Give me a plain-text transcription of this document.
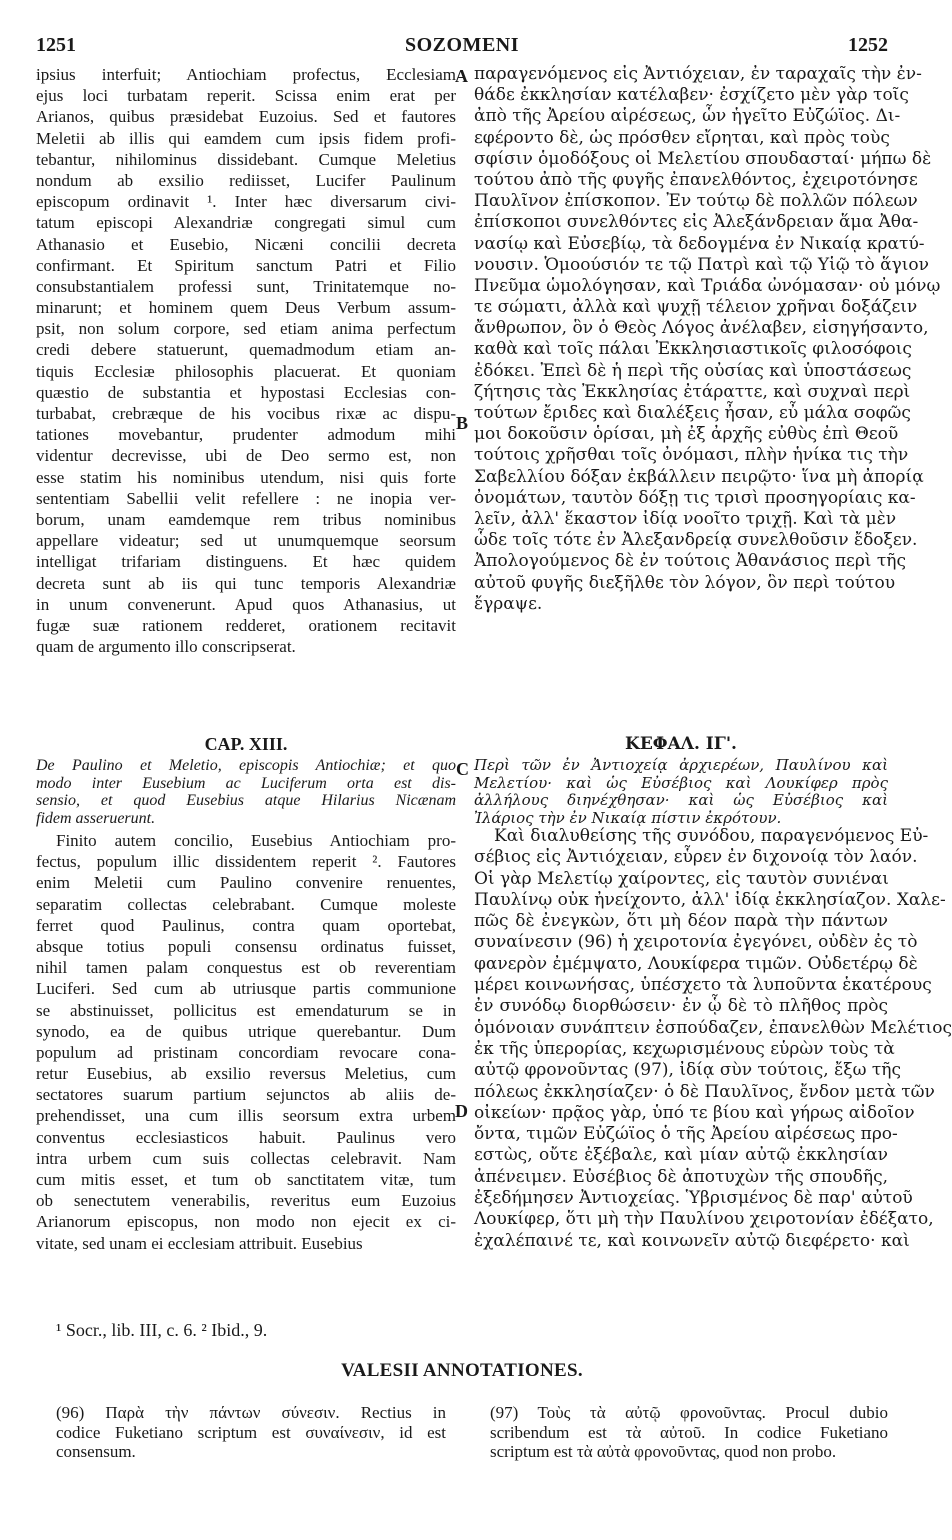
1251	SOZOMENI	1252
ipsius interfuit; Antiochiam profectus, Ecclesiam
ejus loci turbatam reperit. Scissa enim erat per
Arianos, quibus præsidebat Euzoius. Sed et fautores
Meletii ab illis qui eamdem cum ipsis fidem profi-
tebantur, nihilominus dissidebant. Cumque Meletius
nondum ab exsilio rediisset, Lucifer Paulinum
episcopum ordinavit ¹. Inter hæc diversarum civi-
tatum episcopi Alexandriæ congregati simul cum
Athanasio et Eusebio, Nicæni concilii decreta
confirmant. Et Spiritum sanctum Patri et Filio
consubstantialem professi sunt, Trinitatemque no-
minarunt; et hominem quem Deus Verbum assum-
psit, non solum corpore, sed etiam anima perfectum
credi debere statuerunt, quemadmodum etiam an-
tiquis Ecclesiæ philosophis placuerat. Et quoniam
quæstio de substantia et hypostasi Ecclesias con-
turbabat, crebræque de his vocibus rixæ ac dispu-
tationes movebantur, prudenter admodum mihi
videntur decrevisse, ubi de Deo sermo est, non
esse statim his nominibus utendum, nisi quis forte
sententiam Sabellii velit refellere : ne inopia ver-
borum, unam eamdemque rem tribus nominibus
appellare videatur; sed ut unumquemque seorsum
intelligat trifariam distinguens. Et hæc quidem
decreta sunt ab iis qui tunc temporis Alexandriæ
in unum convenerunt. Apud quos Athanasius, ut
fugæ suæ rationem redderet, orationem recitavit
quam de argumento illo conscripserat.
παραγενόμενος εἰς Ἀντιόχειαν, ἐν ταραχαῖς τὴν ἐν-
θάδε ἐκκλησίαν κατέλαβεν· ἐσχίζετο μὲν γὰρ τοῖς
ἀπὸ τῆς Ἀρείου αἱρέσεως, ὧν ἡγεῖτο Εὐζώϊος. Δι-
εφέροντο δὲ, ὡς πρόσθεν εἴρηται, καὶ πρὸς τοὺς
σφίσιν ὁμοδόξους οἱ Μελετίου σπουδασταί· μήπω δὲ
τούτου ἀπὸ τῆς φυγῆς ἐπανελθόντος, ἐχειροτόνησε
Παυλῖνον ἐπίσκοπον. Ἐν τούτῳ δὲ πολλῶν πόλεων
ἐπίσκοποι συνελθόντες εἰς Ἀλεξάνδρειαν ἅμα Ἀθα-
νασίῳ καὶ Εὐσεβίῳ, τὰ δεδογμένα ἐν Νικαίᾳ κρατύ-
νουσιν. Ὁμοούσιόν τε τῷ Πατρὶ καὶ τῷ Υἱῷ τὸ ἅγιον
Πνεῦμα ὡμολόγησαν, καὶ Τριάδα ὠνόμασαν· οὐ μόνῳ
τε σώματι, ἀλλὰ καὶ ψυχῇ τέλειον χρῆναι δοξάζειν
ἄνθρωπον, ὃν ὁ Θεὸς Λόγος ἀνέλαβεν, εἰσηγήσαντο,
καθὰ καὶ τοῖς πάλαι Ἐκκλησιαστικοῖς φιλοσόφοις
ἐδόκει. Ἐπεὶ δὲ ἡ περὶ τῆς οὐσίας καὶ ὑποστάσεως
ζήτησις τὰς Ἐκκλησίας ἐτάραττε, καὶ συχναὶ περὶ
τούτων ἔριδες καὶ διαλέξεις ἦσαν, εὖ μάλα σοφῶς
μοι δοκοῦσιν ὁρίσαι, μὴ ἐξ ἀρχῆς εὐθὺς ἐπὶ Θεοῦ
τούτοις χρῆσθαι τοῖς ὀνόμασι, πλὴν ἡνίκα τις τὴν
Σαβελλίου δόξαν ἐκβάλλειν πειρῷτο· ἵνα μὴ ἀπορίᾳ
ὀνομάτων, ταυτὸν δόξῃ τις τρισὶ προσηγορίαις κα-
λεῖν, ἀλλ' ἕκαστον ἰδίᾳ νοοῖτο τριχῇ. Καὶ τὰ μὲν
ὧδε τοῖς τότε ἐν Ἀλεξανδρείᾳ συνελθοῦσιν ἔδοξεν.
Ἀπολογούμενος δὲ ἐν τούτοις Ἀθανάσιος περὶ τῆς
αὐτοῦ φυγῆς διεξῆλθε τὸν λόγον, ὃν περὶ τούτου
ἔγραψε.
A
B
C
D
CAP. XIII.	ΚΕΦΑΛ. ΙΓ'.
De Paulino et Meletio, episcopis Antiochiæ; et quo
modo inter Eusebium ac Luciferum orta est dis-
sensio, et quod Eusebius atque Hilarius Nicænam
fidem asseruerunt.
Περὶ τῶν ἐν Ἀντιοχείᾳ ἀρχιερέων, Παυλίνου καὶ
Μελετίου· καὶ ὡς Εὐσέβιος καὶ Λουκίφερ πρὸς
ἀλλήλους διηνέχθησαν· καὶ ὡς Εὐσέβιος καὶ
Ἰλάριος τὴν ἐν Νικαίᾳ πίστιν ἐκρότουν.
Finito autem concilio, Eusebius Antiochiam pro-
fectus, populum illic dissidentem reperit ². Fautores
enim Meletii cum Paulino convenire renuentes,
separatim collectas celebrabant. Cumque moleste
ferret quod Paulinus, contra quam oportebat,
absque totius populi consensu ordinatus fuisset,
nihil tamen palam conquestus est ob reverentiam
Luciferi. Sed cum ab utriusque partis communione
se abstinuisset, pollicitus est emendaturum se in
synodo, ea de quibus utrique querebantur. Dum
populum ad pristinam concordiam revocare cona-
retur Eusebius, ab exsilio reversus Meletius, cum
sectatores suarum partium sejunctos ab aliis de-
prehendisset, una cum illis seorsum extra urbem
conventus ecclesiasticos habuit. Paulinus vero
intra urbem cum suis collectas celebravit. Nam
cum mitis esset, et tum ob sanctitatem vitæ, tum
ob senectutem venerabilis, reveritus eum Euzoius
Arianorum episcopus, non modo non ejecit ex ci-
vitate, sed unam ei ecclesiam attribuit. Eusebius
Καὶ διαλυθείσης τῆς συνόδου, παραγενόμενος Εὐ-
σέβιος εἰς Ἀντιόχειαν, εὗρεν ἐν διχονοίᾳ τὸν λαόν.
Οἱ γὰρ Μελετίῳ χαίροντες, εἰς ταυτὸν συνιέναι
Παυλίνῳ οὐκ ἠνείχοντο, ἀλλ' ἰδίᾳ ἐκκλησίαζον. Χαλε-
πῶς δὲ ἐνεγκὼν, ὅτι μὴ δέον παρὰ τὴν πάντων
συναίνεσιν (96) ἡ χειροτονία ἐγεγόνει, οὐδὲν ἐς τὸ
φανερὸν ἐμέμψατο, Λουκίφερα τιμῶν. Οὐδετέρῳ δὲ
μέρει κοινωνήσας, ὑπέσχετο τὰ λυποῦντα ἑκατέρους
ἐν συνόδῳ διορθώσειν· ἐν ᾧ δὲ τὸ πλῆθος πρὸς
ὁμόνοιαν συνάπτειν ἐσπούδαζεν, ἐπανελθὼν Μελέτιος
ἐκ τῆς ὑπερορίας, κεχωρισμένους εὑρὼν τοὺς τὰ
αὐτῷ φρονοῦντας (97), ἰδίᾳ σὺν τούτοις, ἔξω τῆς
πόλεως ἐκκλησίαζεν· ὁ δὲ Παυλῖνος, ἔνδον μετὰ τῶν
οἰκείων· πρᾷος γὰρ, ὑπό τε βίου καὶ γήρως αἰδοῖον
ὄντα, τιμῶν Εὐζώϊος ὁ τῆς Ἀρείου αἱρέσεως προ-
εστὼς, οὔτε ἐξέβαλε, καὶ μίαν αὐτῷ ἐκκλησίαν
ἀπένειμεν. Εὐσέβιος δὲ ἀποτυχὼν τῆς σπουδῆς,
ἐξεδήμησεν Ἀντιοχείας. Ὑβρισμένος δὲ παρ' αὐτοῦ
Λουκίφερ, ὅτι μὴ τὴν Παυλίνου χειροτονίαν ἐδέξατο,
ἐχαλέπαινέ τε, καὶ κοινωνεῖν αὐτῷ διεφέρετο· καὶ
¹ Socr., lib. III, c. 6. ² Ibid., 9.
VALESII ANNOTATIONES.
(96) Παρὰ τὴν πάντων σύνεσιν. Rectius in
codice Fuketiano scriptum est συναίνεσιν, id est
consensum.
(97) Τοὺς τὰ αὐτῷ φρονοῦντας. Procul dubio
scribendum est τὰ αὐτοῦ. In codice Fuketiano
scriptum est τὰ αὐτὰ φρονοῦντας, quod non probo.
